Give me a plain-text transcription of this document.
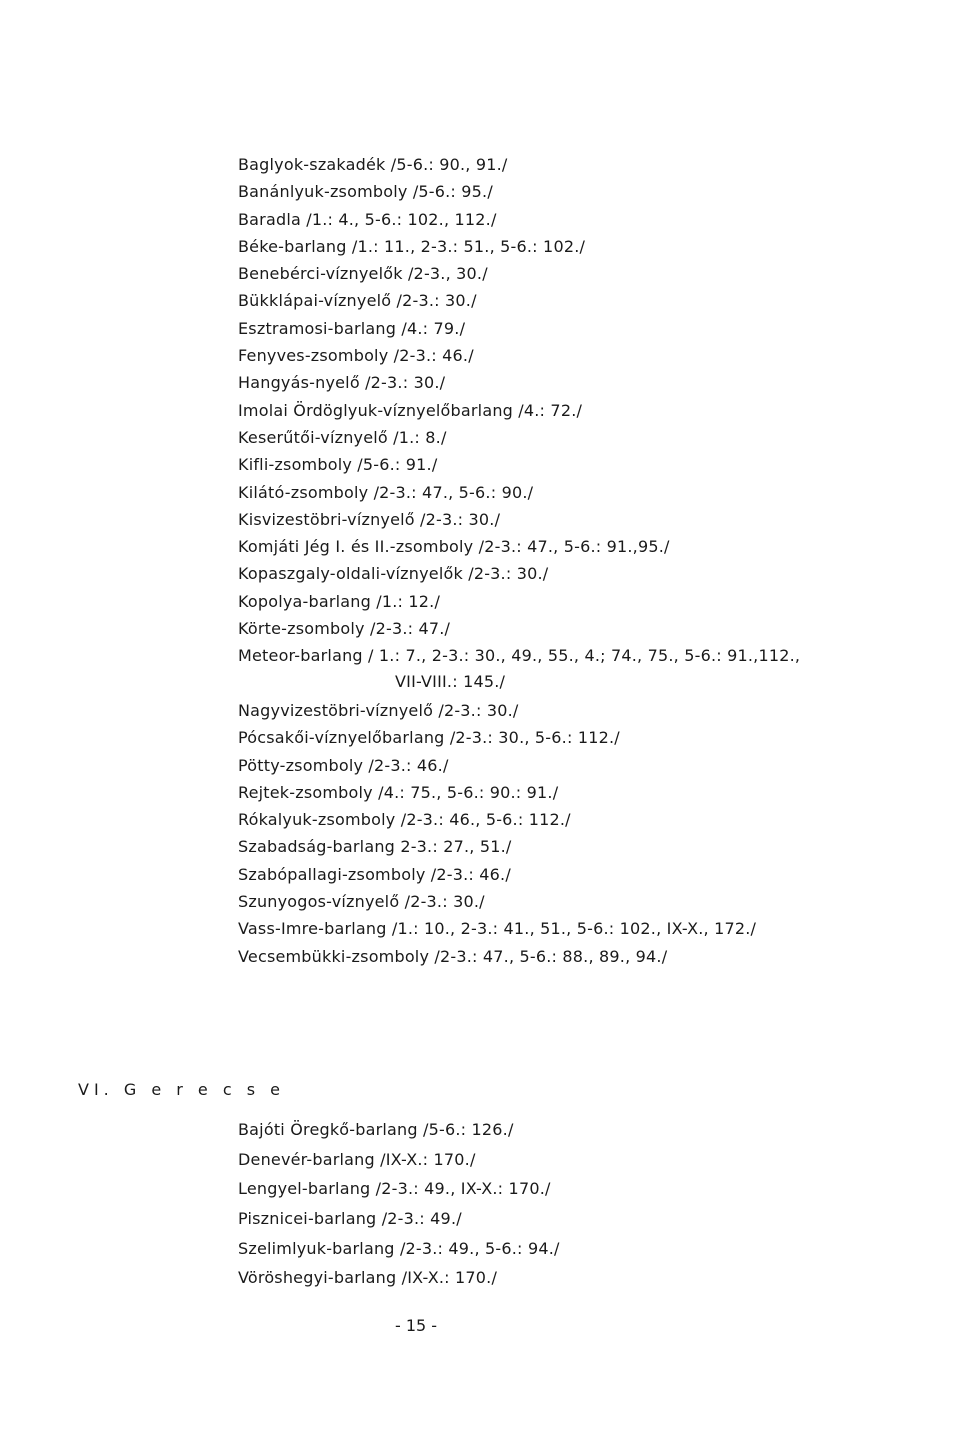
Baglyok-szakadék /5-6.: 90., 91./
Banánlyuk-zsomboly /5-6.: 95./
Baradla /1.: 4., 5-6.: 102., 112./
Béke-barlang /1.: 11., 2-3.: 51., 5-6.: 102./
Benebérci-víznyelők /2-3., 30./
Bükklápai-víznyelő /2-3.: 30./
Esztramosi-barlang /4.: 79./
Fenyves-zsomboly /2-3.: 46./
Hangyás-nyelő /2-3.: 30./
Imolai Ördöglyuk-víznyelőbarlang /4.: 72./
Keserűtői-víznyelő /1.: 8./
Kifli-zsomboly /5-6.: 91./
Kilátó-zsomboly /2-3.: 47., 5-6.: 90./
Kisvizestöbri-víznyelő /2-3.: 30./
Komjáti Jég I. és II.-zsomboly /2-3.: 47., 5-6.: 91.,95./
Kopaszgaly-oldali-víznyelők /2-3.: 30./
Kopolya-barlang /1.: 12./
Körte-zsomboly /2-3.: 47./
Meteor-barlang / 1.: 7., 2-3.: 30., 49., 55., 4.; 74., 75., 5-6.: 91.,112.,
VII-VIII.: 145./
Nagyvizestöbri-víznyelő /2-3.: 30./
Pócsakői-víznyelőbarlang /2-3.: 30., 5-6.: 112./
Pötty-zsomboly /2-3.: 46./
Rejtek-zsomboly /4.: 75., 5-6.: 90.: 91./
Rókalyuk-zsomboly /2-3.: 46., 5-6.: 112./
Szabadság-barlang 2-3.: 27., 51./
Szabópallagi-zsomboly /2-3.: 46./
Szunyogos-víznyelő /2-3.: 30./
Vass-Imre-barlang /1.: 10., 2-3.: 41., 51., 5-6.: 102., IX-X., 172./
Vecsembükki-zsomboly /2-3.: 47., 5-6.: 88., 89., 94./
VI. G e r e c s e
Bajóti Öregkő-barlang /5-6.: 126./
Denevér-barlang /IX-X.: 170./
Lengyel-barlang /2-3.: 49., IX-X.: 170./
Pisznicei-barlang /2-3.: 49./
Szelimlyuk-barlang /2-3.: 49., 5-6.: 94./
Vöröshegyi-barlang /IX-X.: 170./
- 15 -
